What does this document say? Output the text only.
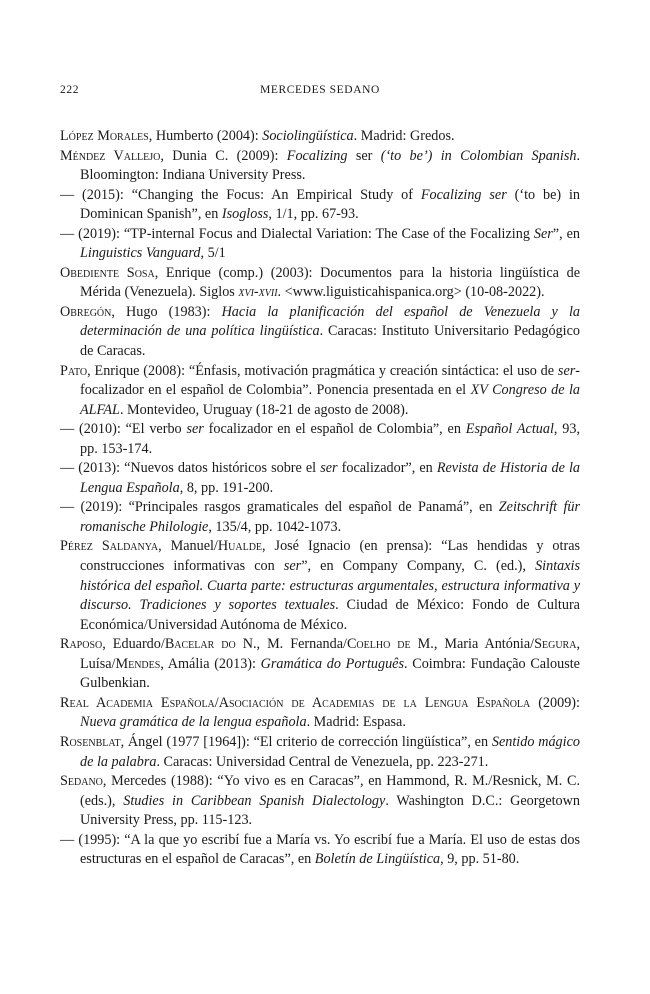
222	MERCEDES SEDANO
López Morales, Humberto (2004): Sociolingüística. Madrid: Gredos.
Méndez Vallejo, Dunia C. (2009): Focalizing ser (‘to be’) in Colombian Spanish. Bloomington: Indiana University Press.
— (2015): “Changing the Focus: An Empirical Study of Focalizing ser (‘to be) in Dominican Spanish”, en Isogloss, 1/1, pp. 67-93.
— (2019): “TP-internal Focus and Dialectal Variation: The Case of the Focalizing Ser”, en Linguistics Vanguard, 5/1
Obediente Sosa, Enrique (comp.) (2003): Documentos para la historia lingüística de Mérida (Venezuela). Siglos xvi-xvii. <www.liguisticahispanica.org> (10-08-2022).
Obregón, Hugo (1983): Hacia la planificación del español de Venezuela y la determinación de una política lingüística. Caracas: Instituto Universitario Pedagógico de Caracas.
Pato, Enrique (2008): “Énfasis, motivación pragmática y creación sintáctica: el uso de ser-focalizador en el español de Colombia”. Ponencia presentada en el XV Congreso de la ALFAL. Montevideo, Uruguay (18-21 de agosto de 2008).
— (2010): “El verbo ser focalizador en el español de Colombia”, en Español Actual, 93, pp. 153-174.
— (2013): “Nuevos datos históricos sobre el ser focalizador”, en Revista de Historia de la Lengua Española, 8, pp. 191-200.
— (2019): “Principales rasgos gramaticales del español de Panamá”, en Zeitschrift für romanische Philologie, 135/4, pp. 1042-1073.
Pérez Saldanya, Manuel/Hualde, José Ignacio (en prensa): “Las hendidas y otras construcciones informativas con ser”, en Company Company, C. (ed.), Sintaxis histórica del español. Cuarta parte: estructuras argumentales, estructura informativa y discurso. Tradiciones y soportes textuales. Ciudad de México: Fondo de Cultura Económica/Universidad Autónoma de México.
Raposo, Eduardo/Bacelar do N., M. Fernanda/Coelho de M., Maria Antónia/Segura, Luísa/Mendes, Amália (2013): Gramática do Português. Coimbra: Fundação Calouste Gulbenkian.
Real Academia Española/Asociación de Academias de la Lengua Española (2009): Nueva gramática de la lengua española. Madrid: Espasa.
Rosenblat, Ángel (1977 [1964]): “El criterio de corrección lingüística”, en Sentido mágico de la palabra. Caracas: Universidad Central de Venezuela, pp. 223-271.
Sedano, Mercedes (1988): “Yo vivo es en Caracas”, en Hammond, R. M./Resnick, M. C. (eds.), Studies in Caribbean Spanish Dialectology. Washington D.C.: Georgetown University Press, pp. 115-123.
— (1995): “A la que yo escribí fue a María vs. Yo escribí fue a María. El uso de estas dos estructuras en el español de Caracas”, en Boletín de Lingüística, 9, pp. 51-80.
